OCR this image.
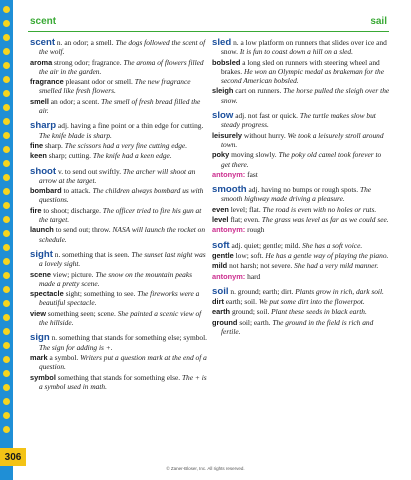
306
scent	sail

scent n. an odor; a smell. The dogs followed the scent of the wolf.

aroma strong odor; fragrance. The aroma of flowers filled the air in the garden.

fragrance pleasant odor or smell. The new fragrance smelled like fresh flowers.

smell an odor; a scent. The smell of fresh bread filled the air.

sharp adj. having a fine point or a thin edge for cutting. The knife blade is sharp.

fine sharp. The scissors had a very fine cutting edge.

keen sharp; cutting. The knife had a keen edge.

shoot v. to send out swiftly. The archer will shoot an arrow at the target.

bombard to attack. The children always bombard us with questions.

fire to shoot; discharge. The officer tried to fire his gun at the target.

launch to send out; throw. NASA will launch the rocket on schedule.

sight n. something that is seen. The sunset last night was a lovely sight.

scene view; picture. The snow on the mountain peaks made a pretty scene.

spectacle sight; something to see. The fireworks were a beautiful spectacle.

view something seen; scene. She painted a scenic view of the hillside.

sign n. something that stands for something else; symbol. The sign for adding is +.

mark a symbol. Writers put a question mark at the end of a question.

symbol something that stands for something else. The + is a symbol used in math.

sled n. a low platform on runners that slides over ice and snow. It is fun to coast down a hill on a sled.

bobsled a long sled on runners with steering wheel and brakes. He won an Olympic medal as brakeman for the second American bobsled.

sleigh cart on runners. The horse pulled the sleigh over the snow.

slow adj. not fast or quick. The turtle makes slow but steady progress.

leisurely without hurry. We took a leisurely stroll around town.

poky moving slowly. The poky old camel took forever to get there.

antonym: fast

smooth adj. having no bumps or rough spots. The smooth highway made driving a pleasure.

even level; flat. The road is even with no holes or ruts.

level flat; even. The grass was level as far as we could see.

antonym: rough

soft adj. quiet; gentle; mild. She has a soft voice.

gentle low; soft. He has a gentle way of playing the piano.

mild not harsh; not severe. She had a very mild manner.

antonym: hard

soil n. ground; earth; dirt. Plants grow in rich, dark soil.

dirt earth; soil. We put some dirt into the flowerpot.

earth ground; soil. Plant these seeds in black earth.

ground soil; earth. The ground in the field is rich and fertile.

© Zaner-Bloser, Inc. All rights reserved.
